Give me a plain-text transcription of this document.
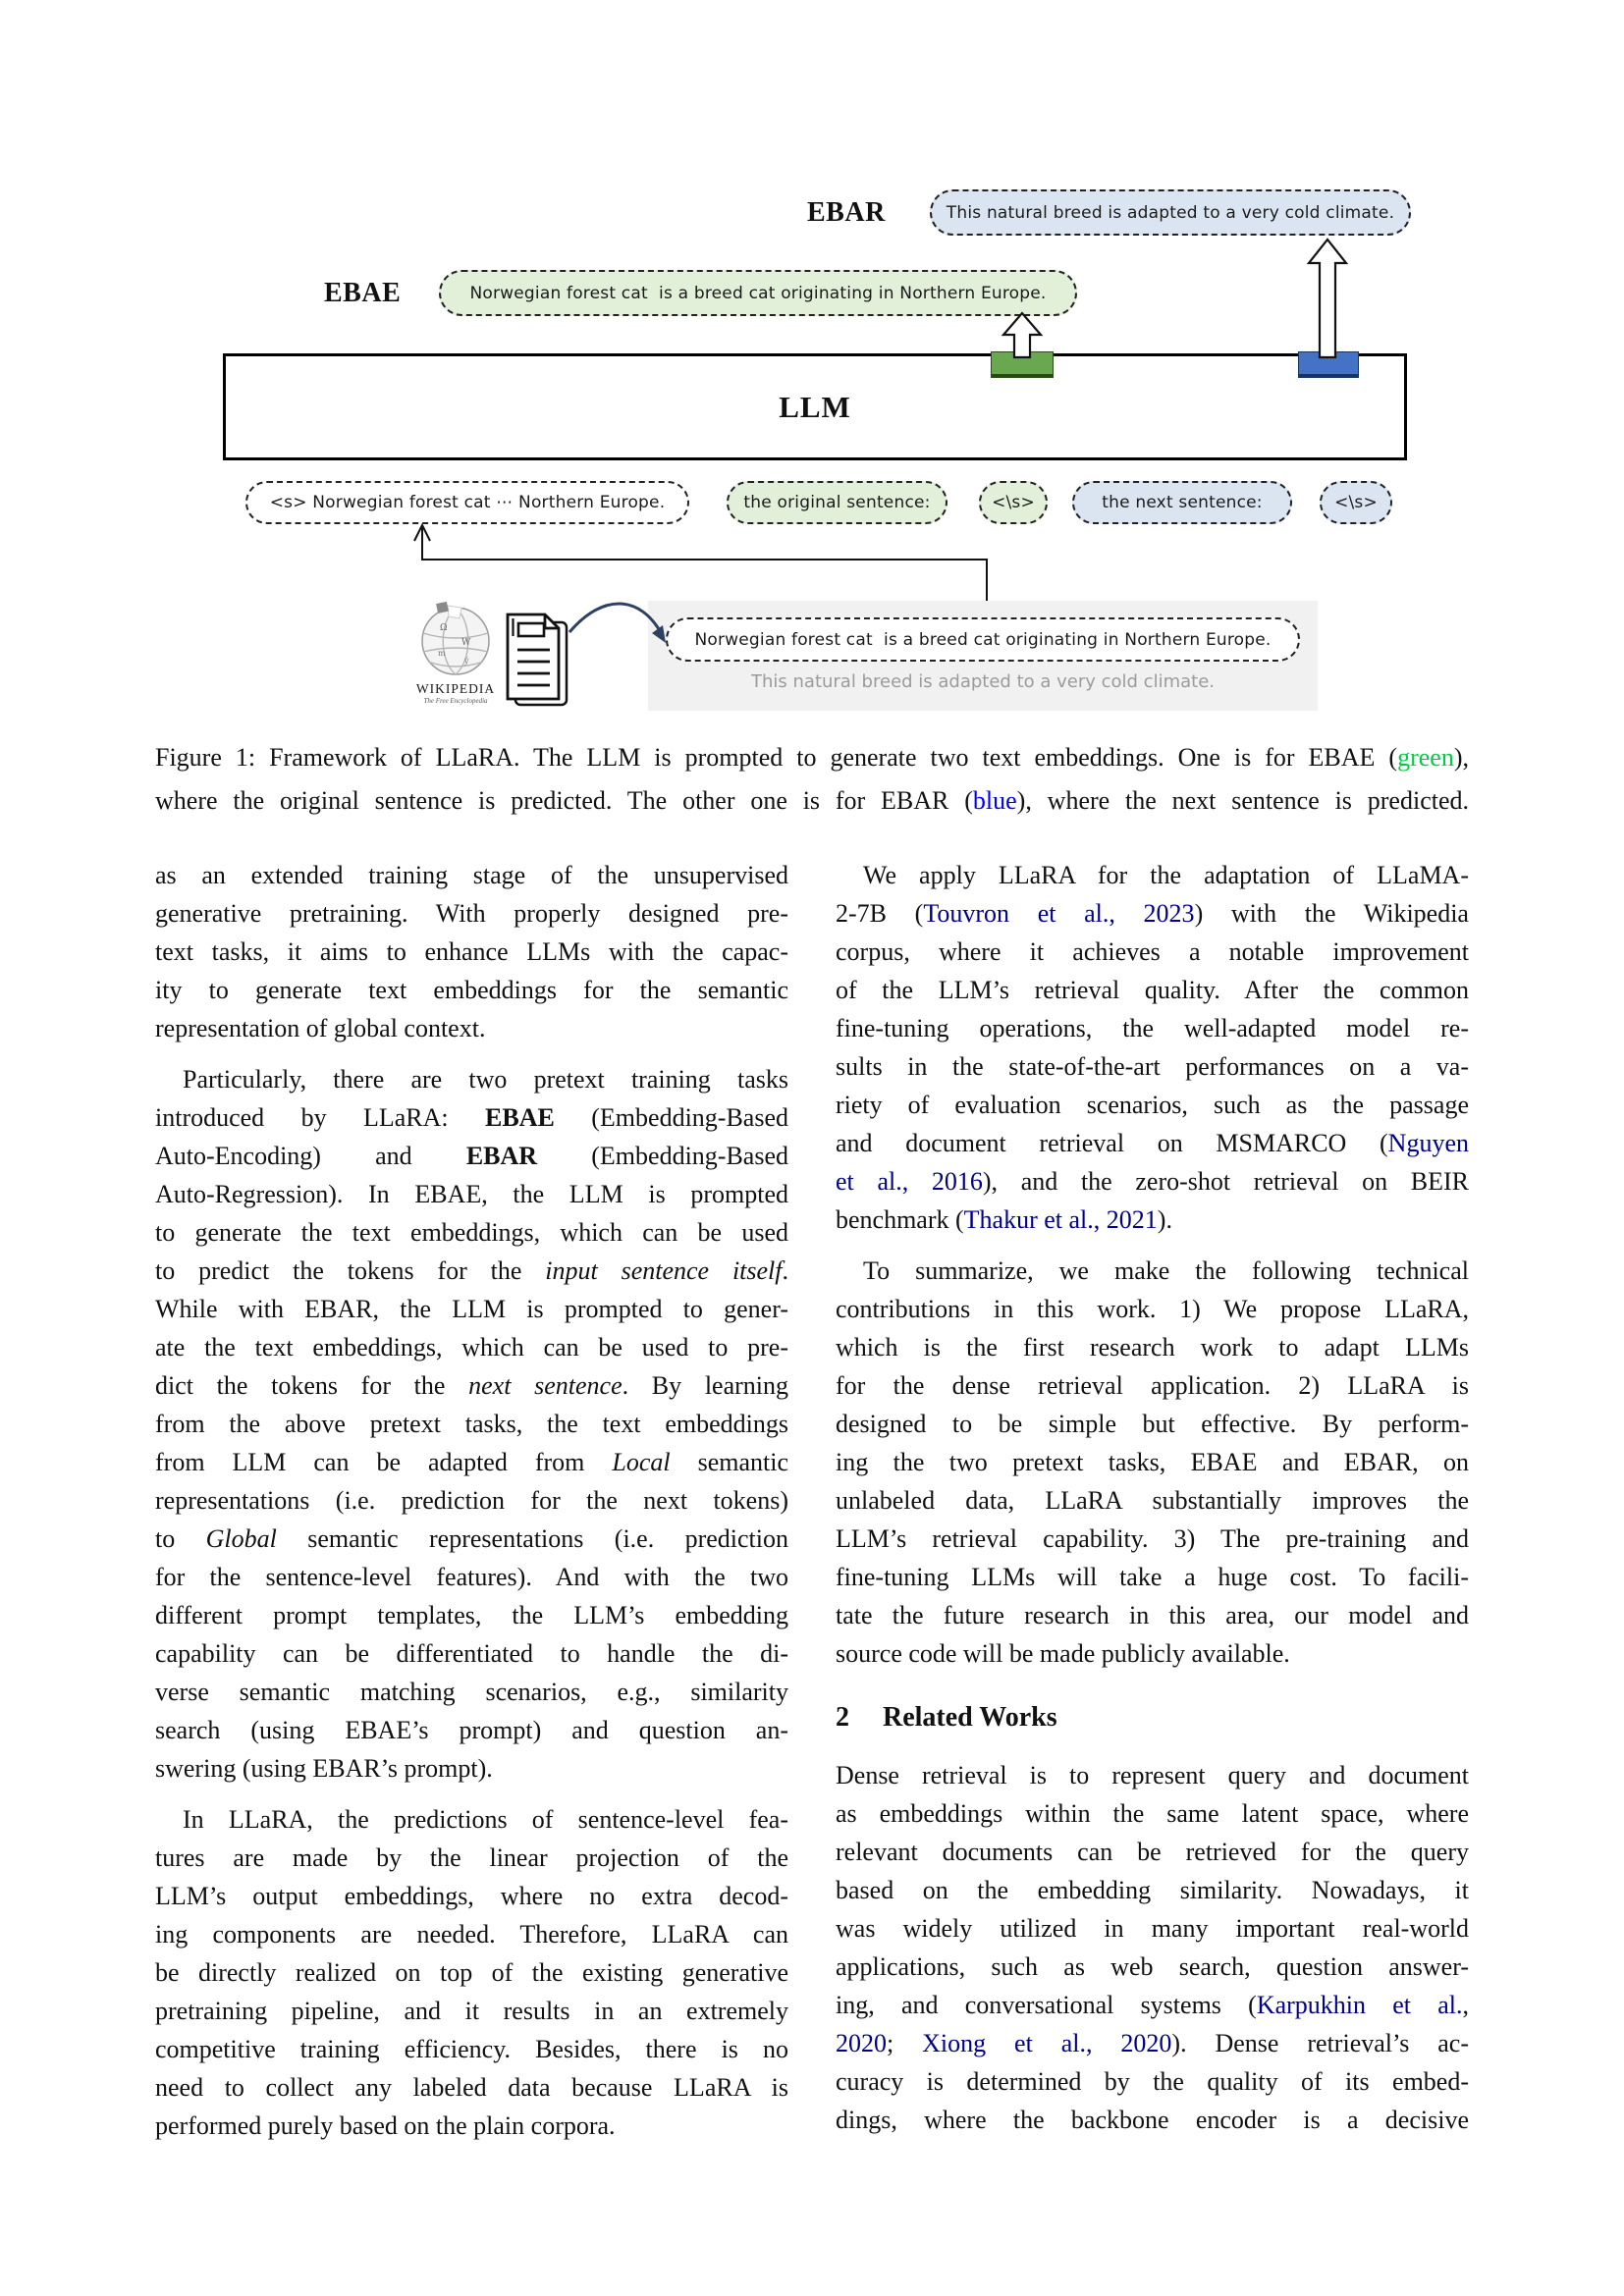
EBAR	This natural breed is adapted to a very cold climate.
EBAE	Norwegian forest cat  is a breed cat originating in Northern Europe.
LLM
<s> Norwegian forest cat ⋯ Northern Europe.	the original sentence:	<\s>	the next sentence:	<\s>
Norwegian forest cat  is a breed cat originating in Northern Europe.
This natural breed is adapted to a very cold climate.
Ω
W
m
ý
WIKIPEDIA
The Free Encyclopedia
Figure 1: Framework of LLaRA. The LLM is prompted to generate two text embeddings. One is for EBAE (green),
where the original sentence is predicted. The other one is for EBAR (blue), where the next sentence is predicted.
as an extended training stage of the unsupervised
generative pretraining. With properly designed pre-
text tasks, it aims to enhance LLMs with the capac-
ity to generate text embeddings for the semantic
representation of global context.
Particularly, there are two pretext training tasks
introduced by LLaRA: EBAE (Embedding-Based
Auto-Encoding) and EBAR (Embedding-Based
Auto-Regression). In EBAE, the LLM is prompted
to generate the text embeddings, which can be used
to predict the tokens for the input sentence itself.
While with EBAR, the LLM is prompted to gener-
ate the text embeddings, which can be used to pre-
dict the tokens for the next sentence. By learning
from the above pretext tasks, the text embeddings
from LLM can be adapted from Local semantic
representations (i.e. prediction for the next tokens)
to Global semantic representations (i.e. prediction
for the sentence-level features). And with the two
different prompt templates, the LLM’s embedding
capability can be differentiated to handle the di-
verse semantic matching scenarios, e.g., similarity
search (using EBAE’s prompt) and question an-
swering (using EBAR’s prompt).
In LLaRA, the predictions of sentence-level fea-
tures are made by the linear projection of the
LLM’s output embeddings, where no extra decod-
ing components are needed. Therefore, LLaRA can
be directly realized on top of the existing generative
pretraining pipeline, and it results in an extremely
competitive training efficiency. Besides, there is no
need to collect any labeled data because LLaRA is
performed purely based on the plain corpora.
We apply LLaRA for the adaptation of LLaMA-
2-7B (Touvron et al., 2023) with the Wikipedia
corpus, where it achieves a notable improvement
of the LLM’s retrieval quality. After the common
fine-tuning operations, the well-adapted model re-
sults in the state-of-the-art performances on a va-
riety of evaluation scenarios, such as the passage
and document retrieval on MSMARCO (Nguyen
et al., 2016), and the zero-shot retrieval on BEIR
benchmark (Thakur et al., 2021).
To summarize, we make the following technical
contributions in this work. 1) We propose LLaRA,
which is the first research work to adapt LLMs
for the dense retrieval application. 2) LLaRA is
designed to be simple but effective. By perform-
ing the two pretext tasks, EBAE and EBAR, on
unlabeled data, LLaRA substantially improves the
LLM’s retrieval capability. 3) The pre-training and
fine-tuning LLMs will take a huge cost. To facili-
tate the future research in this area, our model and
source code will be made publicly available.
2 Related Works
Dense retrieval is to represent query and document
as embeddings within the same latent space, where
relevant documents can be retrieved for the query
based on the embedding similarity. Nowadays, it
was widely utilized in many important real-world
applications, such as web search, question answer-
ing, and conversational systems (Karpukhin et al.,
2020; Xiong et al., 2020). Dense retrieval’s ac-
curacy is determined by the quality of its embed-
dings, where the backbone encoder is a decisive
